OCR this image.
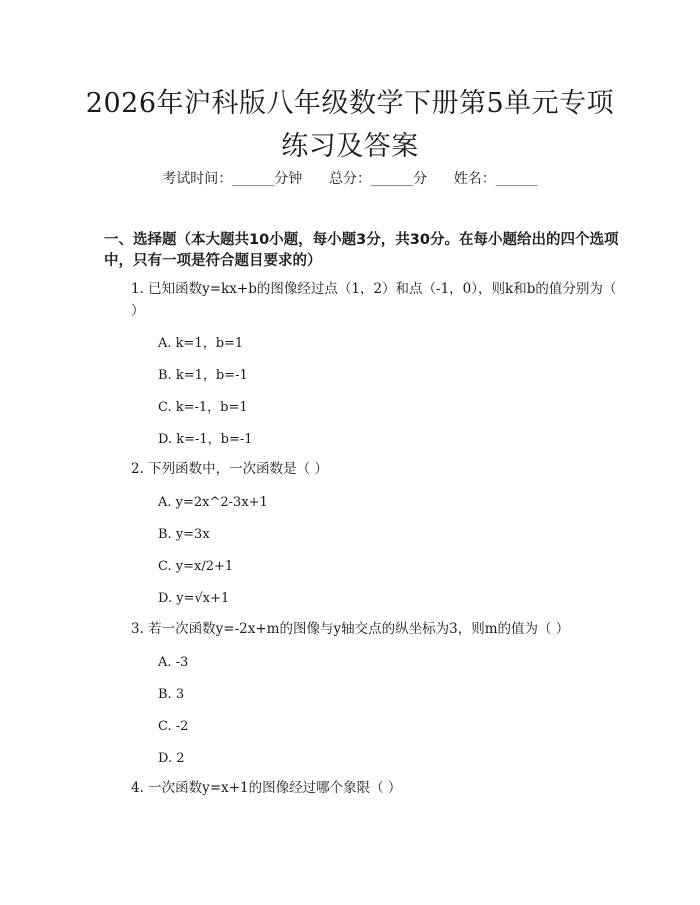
2026年沪科版八年级数学下册第5单元专项
练习及答案
考试时间：______分钟 总分：______分 姓名：______
一、选择题（本大题共10小题，每小题3分，共30分。在每小题给出的四个选项中，只有一项是符合题目要求的）
1. 已知函数y=kx+b的图像经过点（1，2）和点（-1，0），则k和b的值分别为（ ）
A. k=1，b=1
B. k=1，b=-1
C. k=-1，b=1
D. k=-1，b=-1
2. 下列函数中，一次函数是（ ）
A. y=2x^2-3x+1
B. y=3x
C. y=x/2+1
D. y=√x+1
3. 若一次函数y=-2x+m的图像与y轴交点的纵坐标为3，则m的值为（ ）
A. -3
B. 3
C. -2
D. 2
4. 一次函数y=x+1的图像经过哪个象限（ ）
